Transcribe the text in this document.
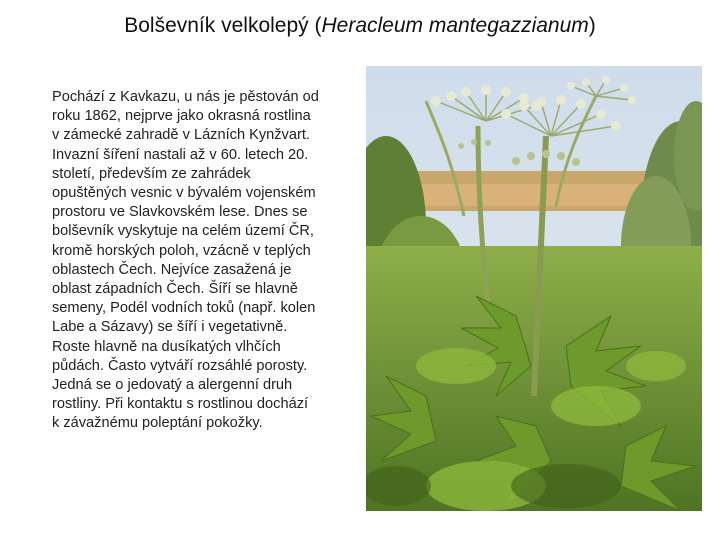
Bolševník velkolepý (Heracleum mantegazzianum)

Pochází z Kavkazu, u nás je pěstován od

roku 1862, nejprve jako okrasná rostlina

v zámecké zahradě v Lázních Kynžvart.

Invazní šíření nastali až v 60. letech 20.

století, především ze zahrádek

opuštěných vesnic v bývalém vojenském

prostoru ve Slavkovském lese. Dnes se

bolševník vyskytuje na celém území ČR,

kromě horských poloh, vzácně v teplých

oblastech Čech. Nejvíce zasažená je

oblast západních Čech. Šíří se hlavně

semeny, Podél vodních toků (např. kolen

Labe a Sázavy) se šíří i vegetativně.

Roste hlavně na dusíkatých vlhčích

půdách. Často vytváří rozsáhlé porosty.

Jedná se o jedovatý a alergenní druh

rostliny. Při kontaktu s rostlinou dochází

k závažnému poleptání pokožky.
